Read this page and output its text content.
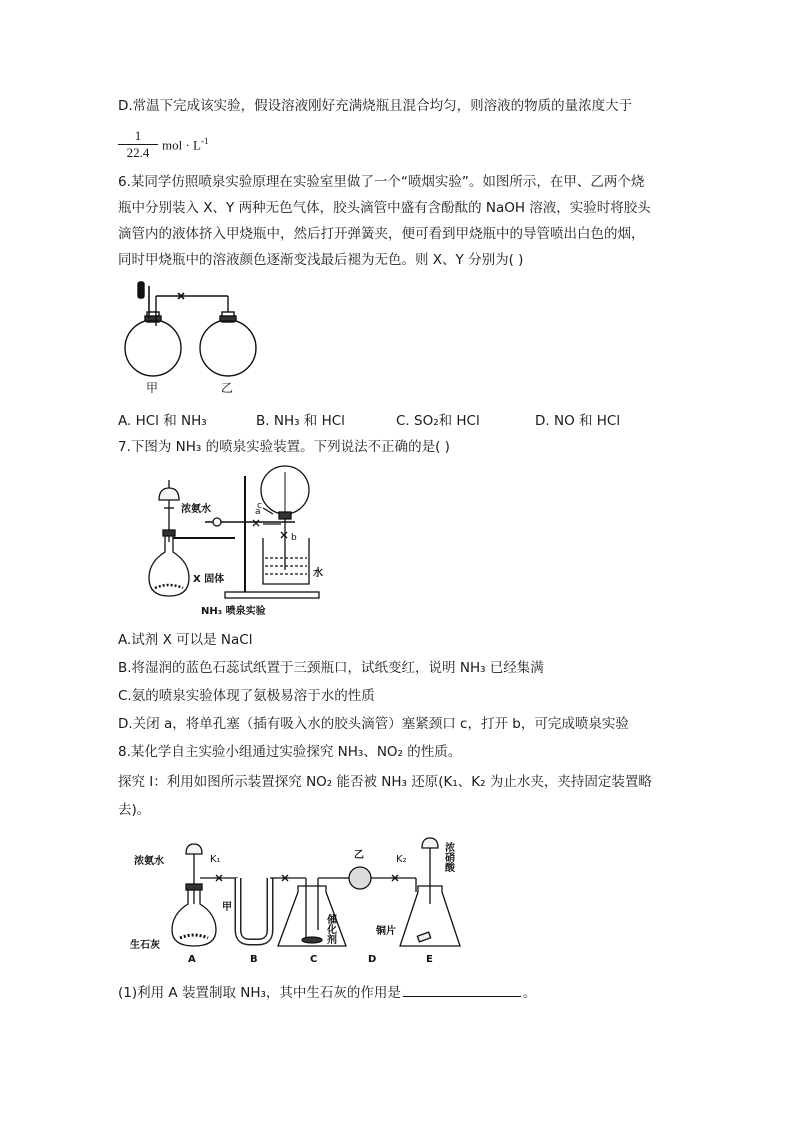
D.常温下完成该实验，假设溶液刚好充满烧瓶且混合均匀，则溶液的物质的量浓度大于
$\frac{1}{22.4}$ mol · $L^{-1}$
6.某同学仿照喷泉实验原理在实验室里做了一个“喷烟实验”。如图所示，在甲、乙两个烧
瓶中分别装入 X、Y 两种无色气体，胶头滴管中盛有含酚酞的 NaOH 溶液，实验时将胶头
滴管内的液体挤入甲烧瓶中，然后打开弹簧夹，便可看到甲烧瓶中的导管喷出白色的烟，
同时甲烧瓶中的溶液颜色逐渐变浅最后褪为无色。则 X、Y 分别为( )
甲	乙
A. HCl 和 NH₃	B. NH₃ 和 HCl	C. SO₂和 HCl	D. NO 和 HCl
7.下图为 NH₃ 的喷泉实验装置。下列说法不正确的是( )
浓氨水
X 固体
水
a
b
c
NH₃ 喷泉实验
A.试剂 X 可以是 NaCl
B.将湿润的蓝色石蕊试纸置于三颈瓶口，试纸变红，说明 NH₃ 已经集满
C.氨的喷泉实验体现了氨极易溶于水的性质
D.关闭 a，将单孔塞（插有吸入水的胶头滴管）塞紧颈口 c，打开 b，可完成喷泉实验
8.某化学自主实验小组通过实验探究 NH₃、NO₂ 的性质。
探究 I：利用如图所示装置探究 NO₂ 能否被 NH₃ 还原(K₁、K₂ 为止水夹，夹持固定装置略
去)。
浓氨水	K₁	K₂
甲
乙
生石灰
催化剂	铜片
浓硝酸
A	B	C	D	E
(1)利用 A 装置制取 NH₃，其中生石灰的作用是	。
